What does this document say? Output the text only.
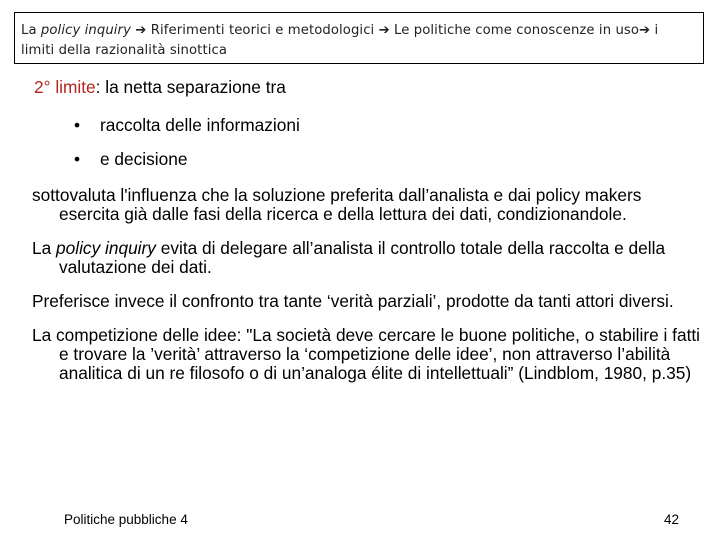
La policy inquiry ➔ Riferimenti teorici e metodologici ➔ Le politiche come conoscenze in uso➔ i limiti della razionalità sinottica
2° limite: la netta separazione tra
• raccolta delle informazioni
• e decisione
sottovaluta l'influenza che la soluzione preferita dall’analista e dai policy makers esercita già dalle fasi della ricerca e della lettura dei dati, condizionandole.
La policy inquiry evita di delegare all’analista il controllo totale della raccolta e della valutazione dei dati.
Preferisce invece il confronto tra tante ‘verità parziali’, prodotte da tanti attori diversi.
La competizione delle idee: "La società deve cercare le buone politiche, o stabilire i fatti e trovare la ’verità’ attraverso la ‘competizione delle idee’, non attraverso l’abilità analitica di un re filosofo o di un’analoga élite di intellettuali” (Lindblom, 1980, p.35)
Politiche pubbliche 4	42
